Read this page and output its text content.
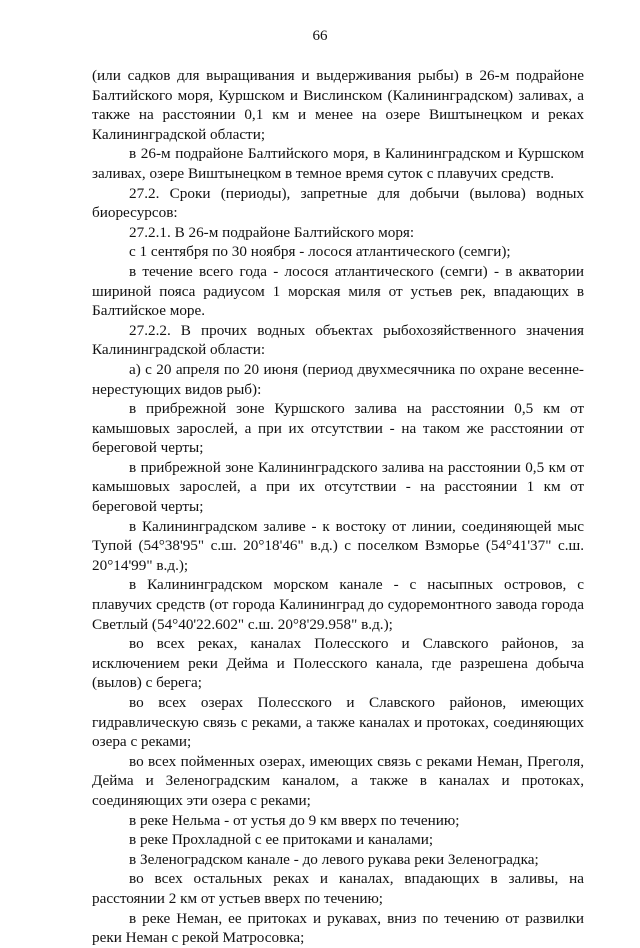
66

(или садков для выращивания и выдерживания рыбы) в 26-м подрайоне Балтийского моря, Куршском и Вислинском (Калининградском) заливах, а также на расстоянии 0,1 км и менее на озере Виштынецком и реках Калининградской области;

в 26-м подрайоне Балтийского моря, в Калининградском и Куршском заливах, озере Виштынецком в темное время суток с плавучих средств.

27.2. Сроки (периоды), запретные для добычи (вылова) водных биоресурсов:

27.2.1. В 26-м подрайоне Балтийского моря:

с 1 сентября по 30 ноября - лосося атлантического (семги);

в течение всего года - лосося атлантического (семги) - в акватории шириной пояса радиусом 1 морская миля от устьев рек, впадающих в Балтийское море.

27.2.2. В прочих водных объектах рыбохозяйственного значения Калининградской области:

а) с 20 апреля по 20 июня (период двухмесячника по охране весенне-нерестующих видов рыб):

в прибрежной зоне Куршского залива на расстоянии 0,5 км от камышовых зарослей, а при их отсутствии - на таком же расстоянии от береговой черты;

в прибрежной зоне Калининградского залива на расстоянии 0,5 км от камышовых зарослей, а при их отсутствии - на расстоянии 1 км от береговой черты;

в Калининградском заливе - к востоку от линии, соединяющей мыс Тупой (54°38'95" с.ш. 20°18'46" в.д.) с поселком Взморье (54°41'37" с.ш. 20°14'99" в.д.);

в Калининградском морском канале - с насыпных островов, с плавучих средств (от города Калининград до судоремонтного завода города Светлый (54°40'22.602" с.ш. 20°8'29.958" в.д.);

во всех реках, каналах Полесского и Славского районов, за исключением реки Дейма и Полесского канала, где разрешена добыча (вылов) с берега;

во всех озерах Полесского и Славского районов, имеющих гидравлическую связь с реками, а также каналах и протоках, соединяющих озера с реками;

во всех пойменных озерах, имеющих связь с реками Неман, Преголя, Дейма и Зеленоградским каналом, а также в каналах и протоках, соединяющих эти озера с реками;

в реке Нельма - от устья до 9 км вверх по течению;

в реке Прохладной с ее притоками и каналами;

в Зеленоградском канале - до левого рукава реки Зеленоградка;

во всех остальных реках и каналах, впадающих в заливы, на расстоянии 2 км от устьев вверх по течению;

в реке Неман, ее притоках и рукавах, вниз по течению от развилки реки Неман с рекой Матросовка;
